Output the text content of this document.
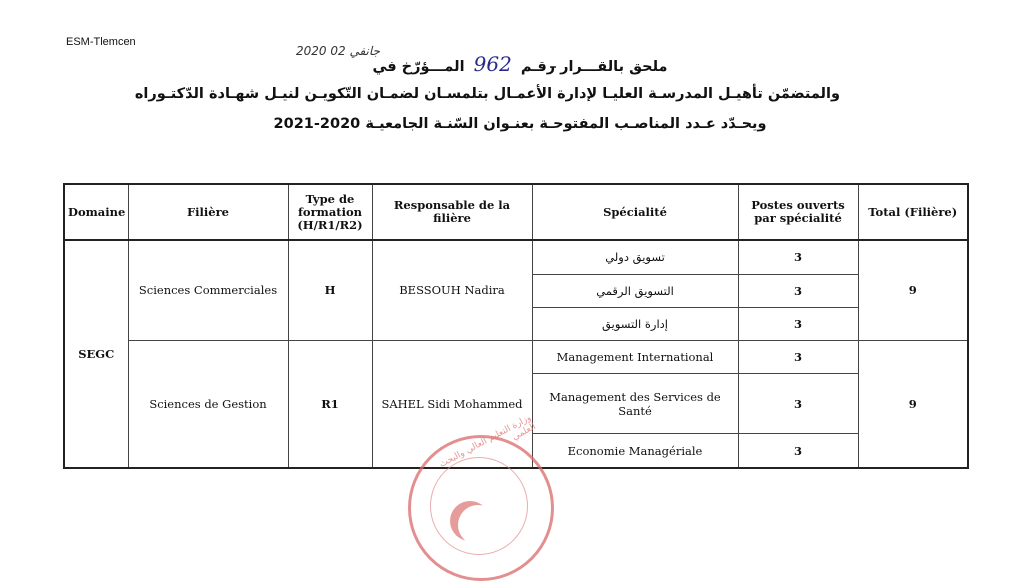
ESM-Tlemcen
2020 جانفي 02
ملحق بالقـــرار رقـم 962 المـــؤرّخ في
والمتضمّن تأهيـل المدرسـة العليـا لإدارة الأعمـال بتلمسـان لضمـان التّكويـن لنيـل شهـادة الدّكتـوراه
ويحـدّد عـدد المناصـب المفتوحـة بعنـوان السّنـة الجامعيـة 2020-2021
Domaine	Filière	Type de formation (H/R1/R2)	Responsable de la filière	Spécialité	Postes ouverts par spécialité	Total (Filière)
SEGC	Sciences Commerciales	H	BESSOUH Nadira	تسويق دولي	3	9
				التسويق الرقمي	3	
				إدارة التسويق	3	
	Sciences de Gestion	R1	SAHEL Sidi Mohammed	Management International	3	9
				Management des Services de Santé	3	
				Economie Managériale	3	
وزارة التعليم العالي والبحث العلمي
